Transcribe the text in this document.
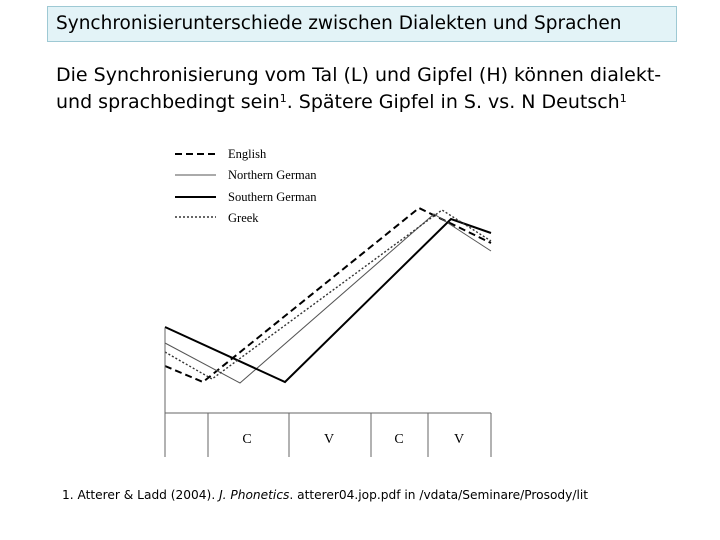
Synchronisierunterschiede zwischen Dialekten und Sprachen

Die Synchronisierung vom Tal (L) und Gipfel (H) können dialekt-
und sprachbedingt sein$^1$. Spätere Gipfel in S. vs. N Deutsch$^1$

English
Northern German
Southern German
Greek
C	V	C	V
1. Atterer & Ladd (2004). J. Phonetics. atterer04.jop.pdf in /vdata/Seminare/Prosody/lit
